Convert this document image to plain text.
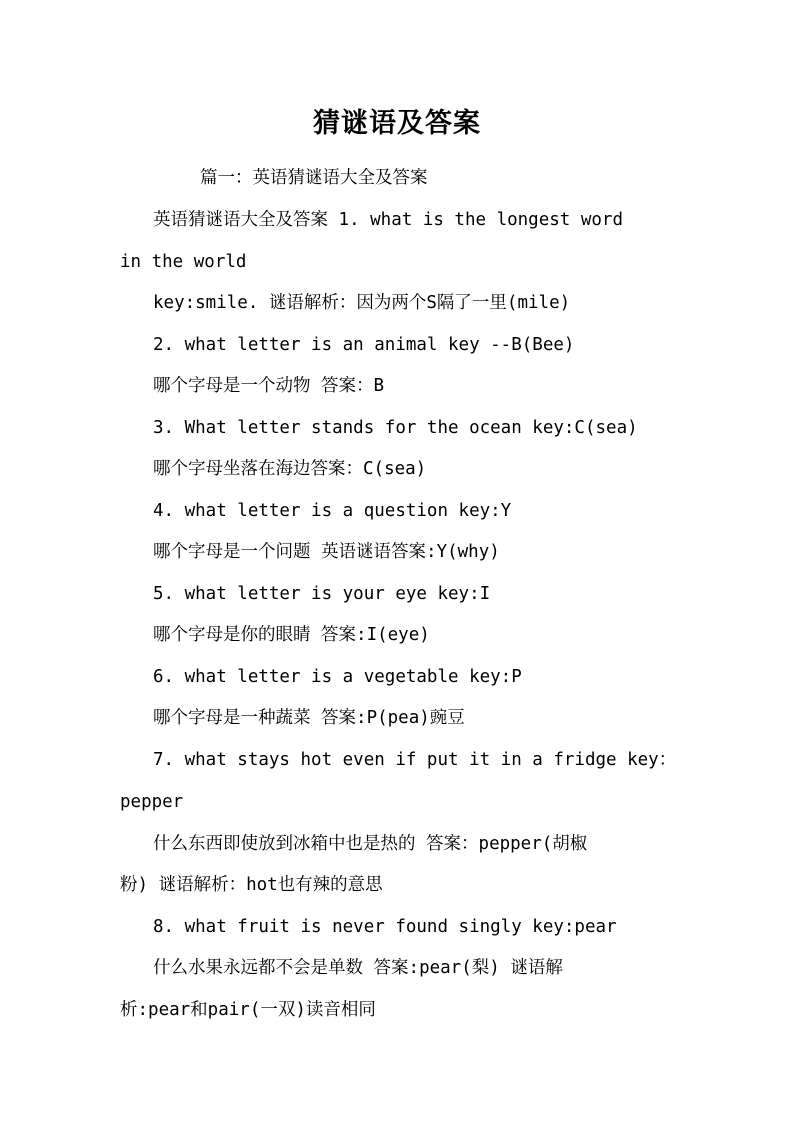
猜谜语及答案
篇一：英语猜谜语大全及答案
英语猜谜语大全及答案 1. what is the longest word
in the world
key:smile. 谜语解析：因为两个S隔了一里(mile)
2. what letter is an animal key --B(Bee)
哪个字母是一个动物 答案：B
3. What letter stands for the ocean key:C(sea)
哪个字母坐落在海边答案：C(sea)
4. what letter is a question key:Y
哪个字母是一个问题 英语谜语答案:Y(why)
5. what letter is your eye key:I
哪个字母是你的眼睛 答案:I(eye)
6. what letter is a vegetable key:P
哪个字母是一种蔬菜 答案:P(pea)豌豆
7. what stays hot even if put it in a fridge key：
pepper
什么东西即使放到冰箱中也是热的 答案：pepper(胡椒
粉) 谜语解析：hot也有辣的意思
8. what fruit is never found singly key:pear
什么水果永远都不会是单数 答案:pear(梨) 谜语解
析:pear和pair(一双)读音相同
